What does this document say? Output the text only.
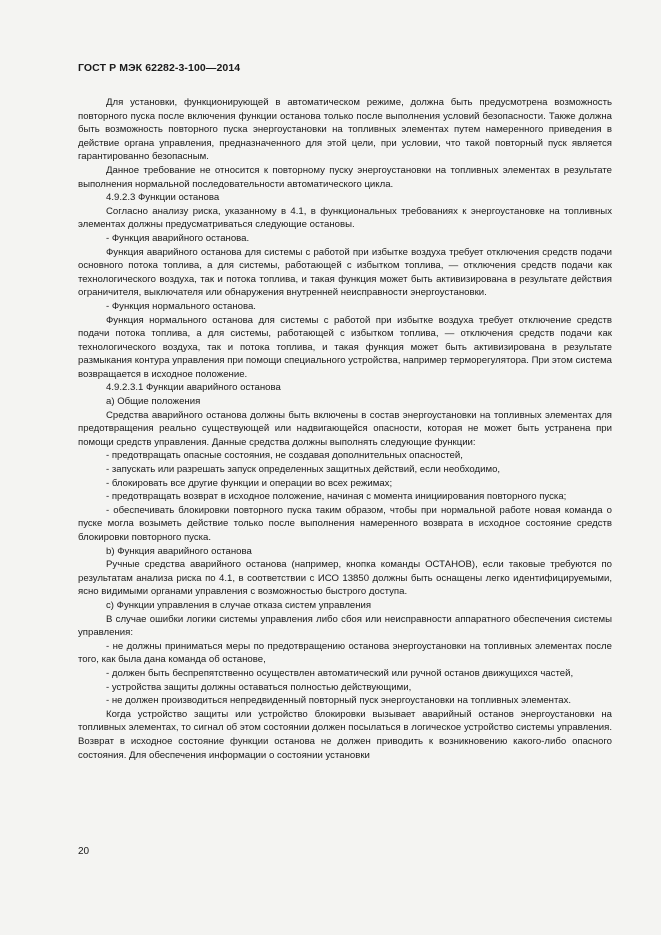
ГОСТ Р МЭК 62282-3-100—2014

Для установки, функционирующей в автоматическом режиме, должна быть предусмотрена возможность повторного пуска после включения функции останова только после выполнения условий безопасности. Также должна быть возможность повторного пуска энергоустановки на топливных элементах путем намеренного приведения в действие органа управления, предназначенного для этой цели, при условии, что такой повторный пуск является гарантированно безопасным.

Данное требование не относится к повторному пуску энергоустановки на топливных элементах в результате выполнения нормальной последовательности автоматического цикла.

4.9.2.3 Функции останова

Согласно анализу риска, указанному в 4.1, в функциональных требованиях к энергоустановке на топливных элементах должны предусматриваться следующие остановы.

- Функция аварийного останова.

Функция аварийного останова для системы с работой при избытке воздуха требует отключения средств подачи основного потока топлива, а для системы, работающей с избытком топлива, — отключения средств подачи как технологического воздуха, так и потока топлива, и такая функция может быть активизирована в результате действия ограничителя, выключателя или обнаружения внутренней неисправности энергоустановки.

- Функция нормального останова.

Функция нормального останова для системы с работой при избытке воздуха требует отключение средств подачи потока топлива, а для системы, работающей с избытком топлива, — отключения средств подачи как технологического воздуха, так и потока топлива, и такая функция может быть активизирована в результате размыкания контура управления при помощи специального устройства, например терморегулятора. При этом система возвращается в исходное положение.

4.9.2.3.1 Функции аварийного останова

а) Общие положения

Средства аварийного останова должны быть включены в состав энергоустановки на топливных элементах для предотвращения реально существующей или надвигающейся опасности, которая не может быть устранена при помощи средств управления. Данные средства должны выполнять следующие функции:

- предотвращать опасные состояния, не создавая дополнительных опасностей,

- запускать или разрешать запуск определенных защитных действий, если необходимо,

- блокировать все другие функции и операции во всех режимах;

- предотвращать возврат в исходное положение, начиная с момента инициирования повторного пуска;

- обеспечивать блокировки повторного пуска таким образом, чтобы при нормальной работе новая команда о пуске могла возыметь действие только после выполнения намеренного возврата в исходное состояние средств блокировки повторного пуска.

b) Функция аварийного останова

Ручные средства аварийного останова (например, кнопка команды ОСТАНОВ), если таковые требуются по результатам анализа риска по 4.1, в соответствии с ИСО 13850 должны быть оснащены легко идентифицируемыми, ясно видимыми органами управления с возможностью быстрого доступа.

с) Функции управления в случае отказа систем управления

В случае ошибки логики системы управления либо сбоя или неисправности аппаратного обеспечения системы управления:

- не должны приниматься меры по предотвращению останова энергоустановки на топливных элементах после того, как была дана команда об останове,

- должен быть беспрепятственно осуществлен автоматический или ручной останов движущихся частей,

- устройства защиты должны оставаться полностью действующими,

- не должен производиться непредвиденный повторный пуск энергоустановки на топливных элементах.

Когда устройство защиты или устройство блокировки вызывает аварийный останов энергоустановки на топливных элементах, то сигнал об этом состоянии должен посылаться в логическое устройство системы управления. Возврат в исходное состояние функции останова не должен приводить к возникновению какого-либо опасного состояния. Для обеспечения информации о состоянии установки

20
